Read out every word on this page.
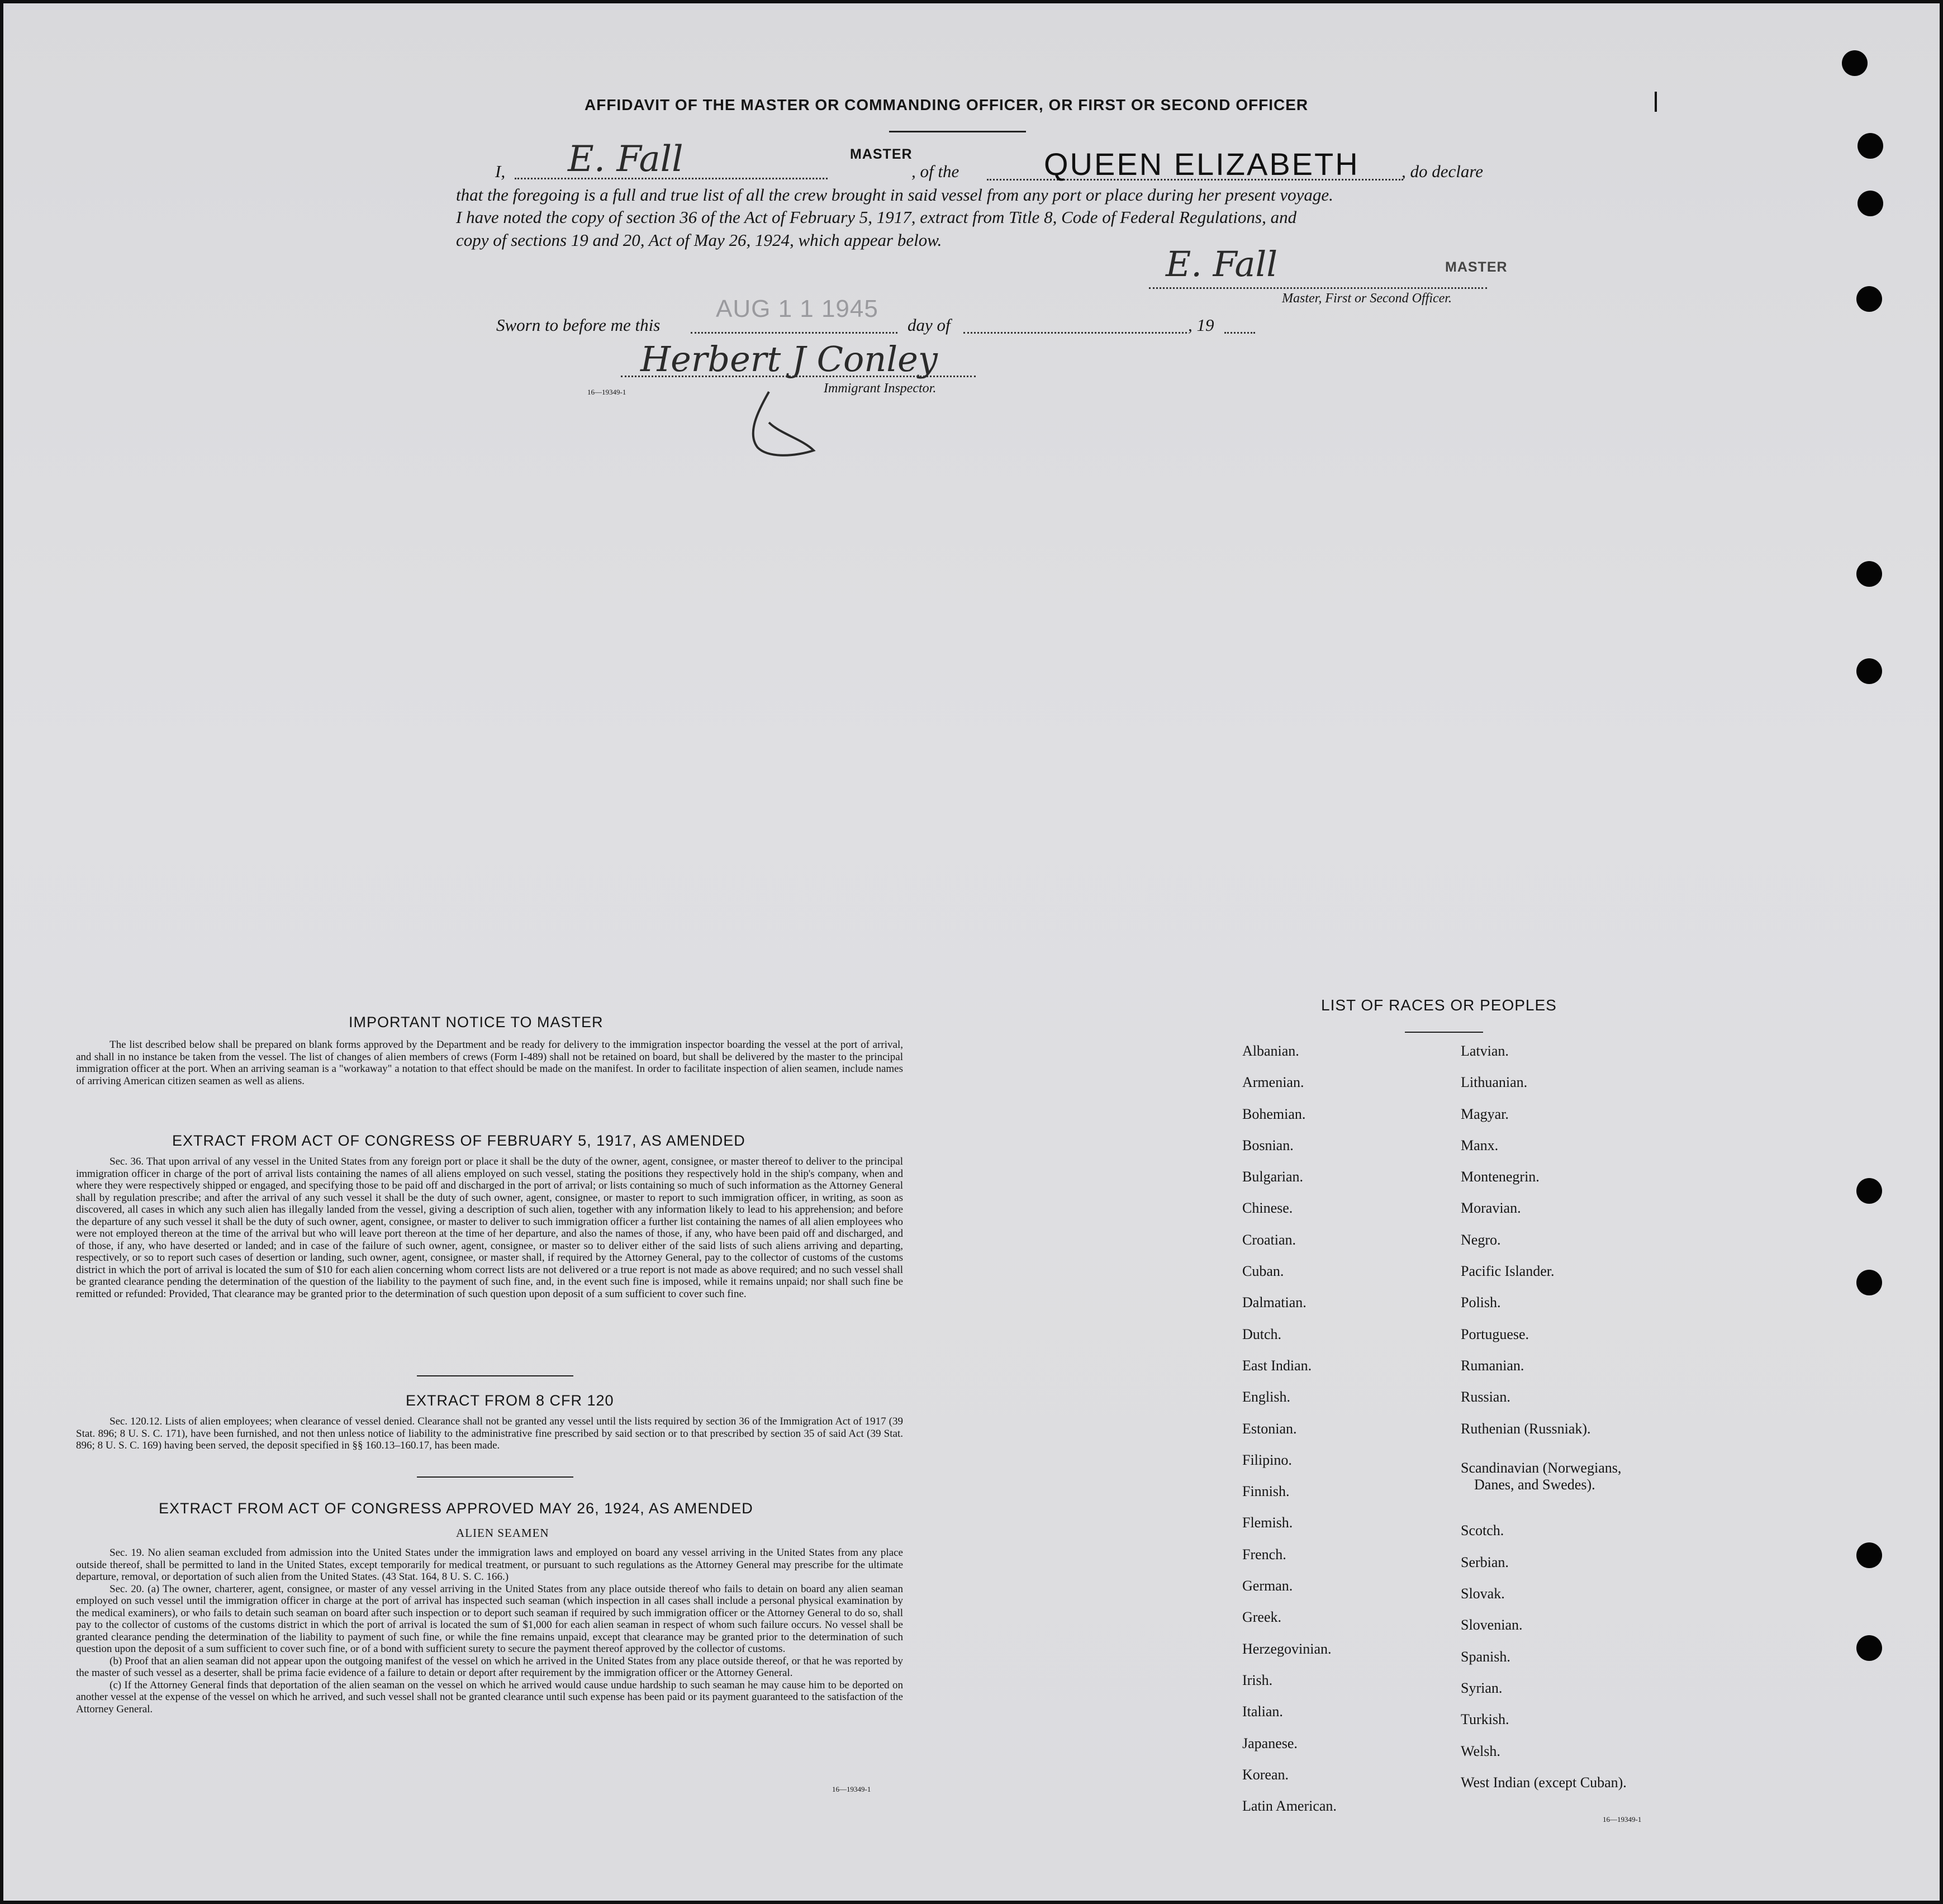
AFFIDAVIT OF THE MASTER OR COMMANDING OFFICER, OR FIRST OR SECOND OFFICER
I, E. Fall	MASTER
, of the	QUEEN ELIZABETH , do declare
that the foregoing is a full and true list of all the crew brought in said vessel from any port or place during her present voyage.
I have noted the copy of section 36 of the Act of February 5, 1917, extract from Title 8, Code of Federal Regulations, and
copy of sections 19 and 20, Act of May 26, 1924, which appear below.
E. Fall	MASTER
Master, First or Second Officer.
Sworn to before me this
AUG 1 1 1945
day of	, 19
Herbert J Conley
16—19349-1	Immigrant Inspector.
IMPORTANT NOTICE TO MASTER

The list described below shall be prepared on blank forms approved by the Department and be ready for delivery to the immigration inspector boarding the vessel at the port of arrival, and shall in no instance be taken from the vessel. The list of changes of alien members of crews (Form I-489) shall not be retained on board, but shall be delivered by the master to the principal immigration officer at the port. When an arriving seaman is a "workaway" a notation to that effect should be made on the manifest. In order to facilitate inspection of alien seamen, include names of arriving American citizen seamen as well as aliens.

EXTRACT FROM ACT OF CONGRESS OF FEBRUARY 5, 1917, AS AMENDED

Sec. 36. That upon arrival of any vessel in the United States from any foreign port or place it shall be the duty of the owner, agent, consignee, or master thereof to deliver to the principal immigration officer in charge of the port of arrival lists containing the names of all aliens employed on such vessel, stating the positions they respectively hold in the ship's company, when and where they were respectively shipped or engaged, and specifying those to be paid off and discharged in the port of arrival; or lists containing so much of such information as the Attorney General shall by regulation prescribe; and after the arrival of any such vessel it shall be the duty of such owner, agent, consignee, or master to report to such immigration officer, in writing, as soon as discovered, all cases in which any such alien has illegally landed from the vessel, giving a description of such alien, together with any information likely to lead to his apprehension; and before the departure of any such vessel it shall be the duty of such owner, agent, consignee, or master to deliver to such immigration officer a further list containing the names of all alien employees who were not employed thereon at the time of the arrival but who will leave port thereon at the time of her departure, and also the names of those, if any, who have been paid off and discharged, and of those, if any, who have deserted or landed; and in case of the failure of such owner, agent, consignee, or master so to deliver either of the said lists of such aliens arriving and departing, respectively, or so to report such cases of desertion or landing, such owner, agent, consignee, or master shall, if required by the Attorney General, pay to the collector of customs of the customs district in which the port of arrival is located the sum of $10 for each alien concerning whom correct lists are not delivered or a true report is not made as above required; and no such vessel shall be granted clearance pending the determination of the question of the liability to the payment of such fine, and, in the event such fine is imposed, while it remains unpaid; nor shall such fine be remitted or refunded: Provided, That clearance may be granted prior to the determination of such question upon deposit of a sum sufficient to cover such fine.

EXTRACT FROM 8 CFR 120

Sec. 120.12. Lists of alien employees; when clearance of vessel denied. Clearance shall not be granted any vessel until the lists required by section 36 of the Immigration Act of 1917 (39 Stat. 896; 8 U. S. C. 171), have been furnished, and not then unless notice of liability to the administrative fine prescribed by said section or to that prescribed by section 35 of said Act (39 Stat. 896; 8 U. S. C. 169) having been served, the deposit specified in §§ 160.13–160.17, has been made.

EXTRACT FROM ACT OF CONGRESS APPROVED MAY 26, 1924, AS AMENDED
ALIEN SEAMEN

Sec. 19. No alien seaman excluded from admission into the United States under the immigration laws and employed on board any vessel arriving in the United States from any place outside thereof, shall be permitted to land in the United States, except temporarily for medical treatment, or pursuant to such regulations as the Attorney General may prescribe for the ultimate departure, removal, or deportation of such alien from the United States. (43 Stat. 164, 8 U. S. C. 166.)

Sec. 20. (a) The owner, charterer, agent, consignee, or master of any vessel arriving in the United States from any place outside thereof who fails to detain on board any alien seaman employed on such vessel until the immigration officer in charge at the port of arrival has inspected such seaman (which inspection in all cases shall include a personal physical examination by the medical examiners), or who fails to detain such seaman on board after such inspection or to deport such seaman if required by such immigration officer or the Attorney General to do so, shall pay to the collector of customs of the customs district in which the port of arrival is located the sum of $1,000 for each alien seaman in respect of whom such failure occurs. No vessel shall be granted clearance pending the determination of the liability to payment of such fine, or while the fine remains unpaid, except that clearance may be granted prior to the determination of such question upon the deposit of a sum sufficient to cover such fine, or of a bond with sufficient surety to secure the payment thereof approved by the collector of customs.

(b) Proof that an alien seaman did not appear upon the outgoing manifest of the vessel on which he arrived in the United States from any place outside thereof, or that he was reported by the master of such vessel as a deserter, shall be prima facie evidence of a failure to detain or deport after requirement by the immigration officer or the Attorney General.

(c) If the Attorney General finds that deportation of the alien seaman on the vessel on which he arrived would cause undue hardship to such seaman he may cause him to be deported on another vessel at the expense of the vessel on which he arrived, and such vessel shall not be granted clearance until such expense has been paid or its payment guaranteed to the satisfaction of the Attorney General.

16—19349-1
LIST OF RACES OR PEOPLES
Albanian.
Armenian.
Bohemian.
Bosnian.
Bulgarian.
Chinese.
Croatian.
Cuban.
Dalmatian.
Dutch.
East Indian.
English.
Estonian.
Filipino.
Finnish.
Flemish.
French.
German.
Greek.
Herzegovinian.
Irish.
Italian.
Japanese.
Korean.
Latin American.
Latvian.
Lithuanian.
Magyar.
Manx.
Montenegrin.
Moravian.
Negro.
Pacific Islander.
Polish.
Portuguese.
Rumanian.
Russian.
Ruthenian (Russniak).
Scandinavian (Norwegians,
Danes, and Swedes).
Scotch.
Serbian.
Slovak.
Slovenian.
Spanish.
Syrian.
Turkish.
Welsh.
West Indian (except Cuban).
16—19349-1
